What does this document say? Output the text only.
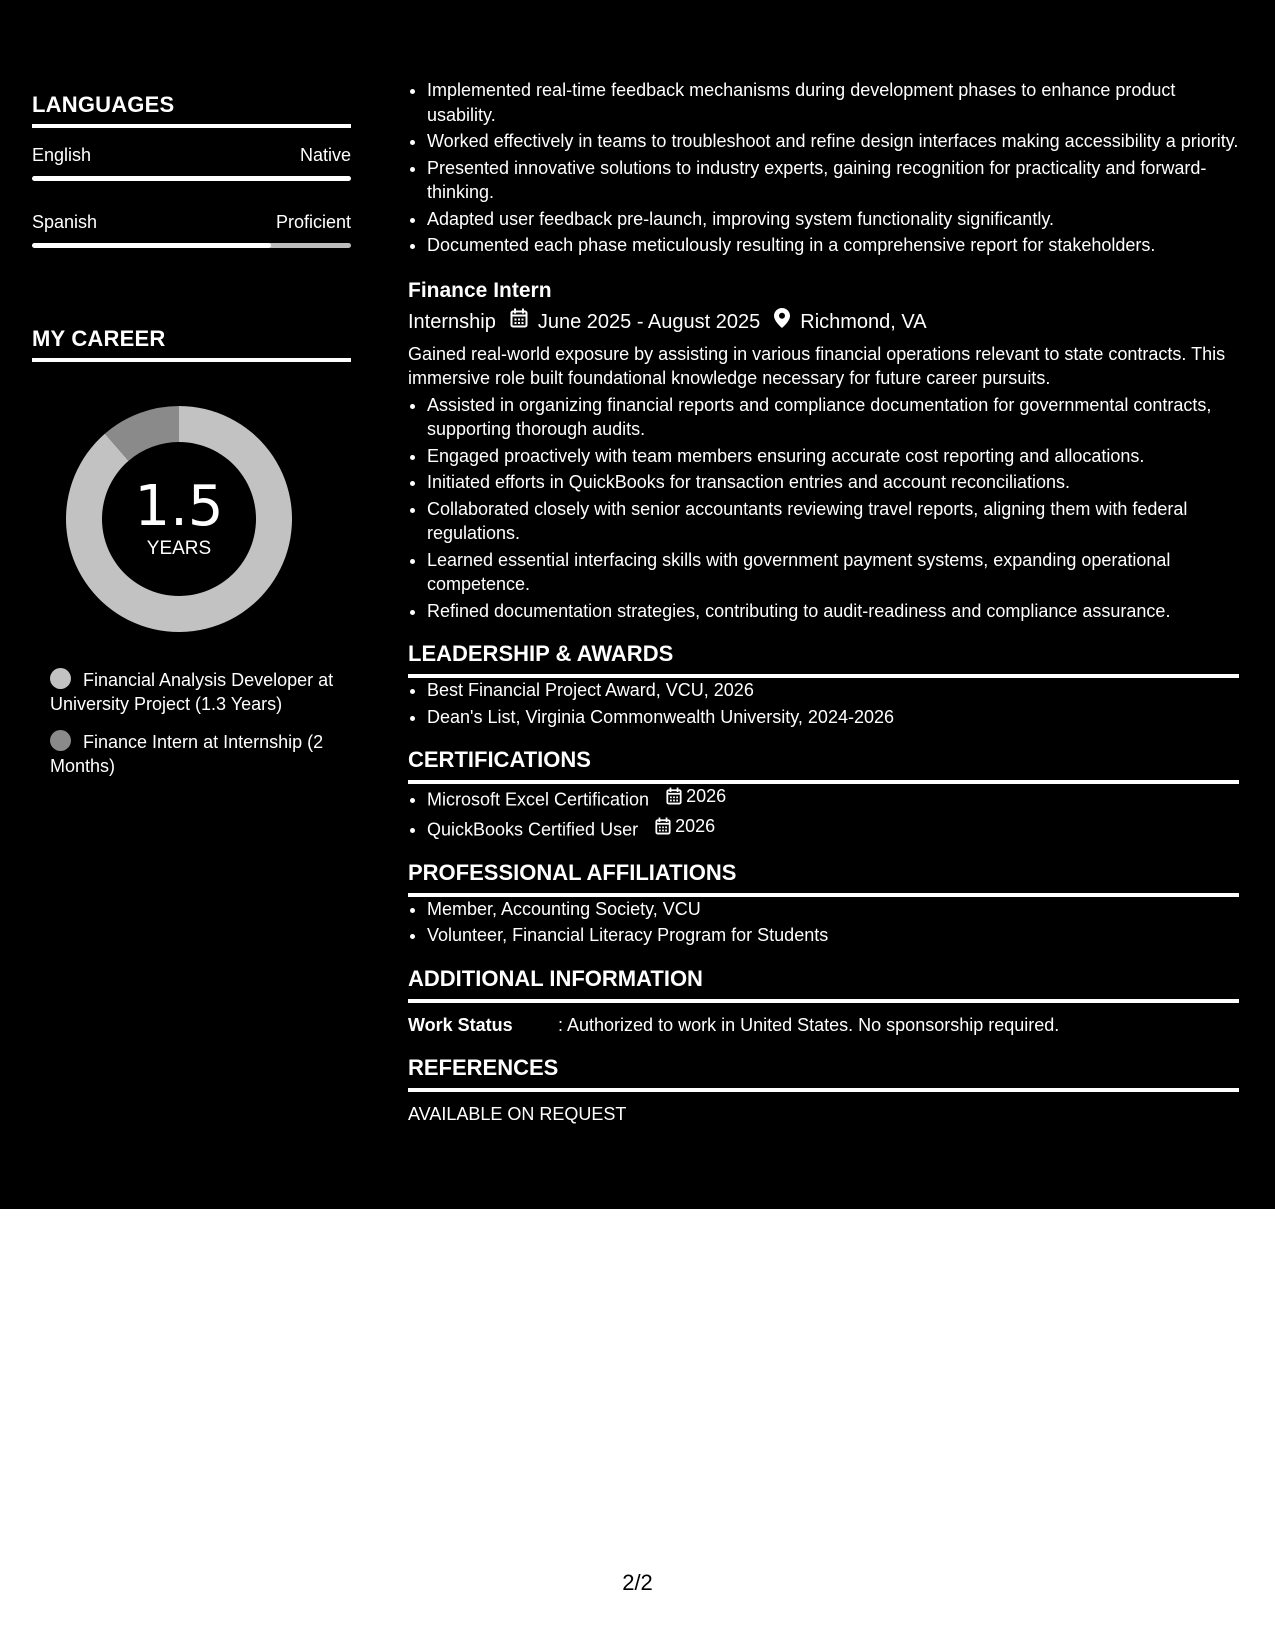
LANGUAGES
English	Native
Spanish	Proficient
MY CAREER
1.5
YEARS
Financial Analysis Developer at University Project (1.3 Years)
Finance Intern at Internship (2 Months)
• Implemented real-time feedback mechanisms during development phases to enhance product usability.
• Worked effectively in teams to troubleshoot and refine design interfaces making accessibility a priority.
• Presented innovative solutions to industry experts, gaining recognition for practicality and forward-thinking.
• Adapted user feedback pre-launch, improving system functionality significantly.
• Documented each phase meticulously resulting in a comprehensive report for stakeholders.
Finance Intern
Internship June 2025 - August 2025 Richmond, VA
Gained real-world exposure by assisting in various financial operations relevant to state contracts. This immersive role built foundational knowledge necessary for future career pursuits.
• Assisted in organizing financial reports and compliance documentation for governmental contracts, supporting thorough audits.
• Engaged proactively with team members ensuring accurate cost reporting and allocations.
• Initiated efforts in QuickBooks for transaction entries and account reconciliations.
• Collaborated closely with senior accountants reviewing travel reports, aligning them with federal regulations.
• Learned essential interfacing skills with government payment systems, expanding operational competence.
• Refined documentation strategies, contributing to audit-readiness and compliance assurance.
LEADERSHIP & AWARDS
• Best Financial Project Award, VCU, 2026
• Dean's List, Virginia Commonwealth University, 2024-2026
CERTIFICATIONS
• Microsoft Excel Certification 2026
• QuickBooks Certified User 2026
PROFESSIONAL AFFILIATIONS
• Member, Accounting Society, VCU
• Volunteer, Financial Literacy Program for Students
ADDITIONAL INFORMATION
Work Status	: Authorized to work in United States. No sponsorship required.
REFERENCES
AVAILABLE ON REQUEST
2/2
